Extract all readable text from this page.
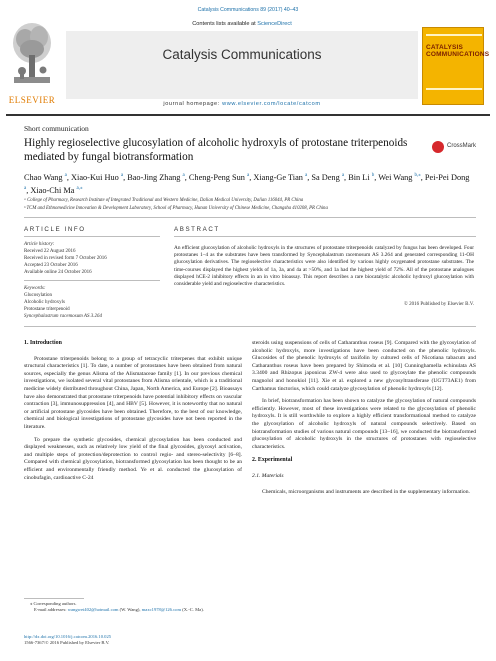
Catalysis Communications 89 (2017) 40–43
ELSEVIER
Contents lists available at ScienceDirect
Catalysis Communications
journal homepage: www.elsevier.com/locate/catcom
CATALYSIS COMMUNICATIONS
Short communication
Highly regioselective glucosylation of alcoholic hydroxyls of protostane triterpenoids mediated by fungal biotransformation
CrossMark
Chao Wang $^a$, Xiao-Kui Huo $^a$, Bao-Jing Zhang $^a$, Cheng-Peng Sun $^a$, Xiang-Ge Tian $^a$, Sa Deng $^a$, Bin Li $^b$, Wei Wang $^{b,⁎}$, Pei-Pei Dong $^a$, Xiao-Chi Ma $^{a,⁎}$
ᵃ College of Pharmacy, Research Institute of Integrated Traditional and Western Medicine, Dalian Medical University, Dalian 116044, PR China
ᵇ TCM and Ethnomedicine Innovation & Development Laboratory, School of Pharmacy, Hunan University of Chinese Medicine, Changsha 410208, PR China
ARTICLE INFO
Article history:
Received 22 August 2016
Received in revised form 7 October 2016
Accepted 23 October 2016
Available online 24 October 2016
Keywords:
Glucosylation
Alcoholic hydroxyls
Protostane triterpenoid
Syncephalastrum racemosum AS 3.264
ABSTRACT
An efficient glucosylation of alcoholic hydroxyls in the structures of protostane triterpenoids catalyzed by fungus has been developed. Four protostanes 1–4 as the substrates have been transformed by Syncephalastrum racemosum AS 3.264 and generated corresponding 11-OH glucosylation derivatives. The regioselective characteristics were also identified by various highly oxygenated protostane substrates. The time-courses displayed the highest yields of 1a, 3a, and 4a at >50%, and 1a had the highest yield of 72%. All of the protostane analogues displayed hCE-2 inhibitory effects in an in vitro bioassay. This report describes a rare biocatalytic alcoholic hydroxyl glucosylation with considerable yield and regioselective characteristics.
© 2016 Published by Elsevier B.V.
1. Introduction

Protostane triterpenoids belong to a group of tetracyclic triterpenes that exhibit unique structural characteristics [1]. To date, a number of protostanes have been obtained from natural sources, especially the genus Alisma of the Alismataceae family [1]. In our previous chemical investigations, we isolated several vital protostanes from Alisma orientale, which is a traditional medicine widely distributed throughout China, Japan, North America, and Europe [2]. Bioassays have also demonstrated that protostane triterpenoids have potential inhibitory effects on vascular contraction [3], immunosuppression [4], and HBV [5]. However, it is noteworthy that no natural or artificial protostane glycosides have been obtained. Therefore, to the best of our knowledge, chemical and biological investigations of protostane glycosides have not been reported in the literature.

To prepare the synthetic glycosides, chemical glycosylation has been conducted and displayed weaknesses, such as relatively low yield of the final glycosides, glycosyl activation, and multiple steps of protection/deprotection to control regio- and stereo-selectivity [6–8]. Compared with chemical glycosylation, biotransformed glycosylation has been thought to be an efficient and environmentally friendly method. Ye et al. conducted the glucosylation of cinobufagin, cardioactive C-24

steroids using suspensions of cells of Catharanthus roseus [9]. Compared with the glycosylation of alcoholic hydroxyls, more investigations have been conducted on the phenolic hydroxyls. Glucosides of the phenolic hydroxyls of taxifolin by cultured cells of Nicotiana tabacum and Catharanthus roseus have been prepared by Shimoda et al. [10] Cunninghamella echinulata AS 3.3400 and Rhizopus japonicus ZW-4 were also used to glycosylate the phenolic compounds magnolol and honokiol [11]. Xie et al. explored a new glycosyltransferase (UGT73AE1) from Carthamus tinctorius, which could catalyze glycosylation of phenolic hydroxyls [12].

In brief, biotransformation has been shown to catalyze the glycosylation of natural compounds efficiently. However, most of these investigations were related to the glycosylation of phenolic hydroxyls. It is still worthwhile to explore a highly efficient transformational method to catalyze the glycosylation of alcoholic hydroxyls of natural compounds selectively. Based on biotransformation studies of various natural compounds [13–16], we conducted the biotransformed glucosylation of alcoholic hydroxyls in the structures of protostanes with regioselective characteristics.

2. Experimental
2.1. Materials

Chemicals, microorganisms and instruments are described in the supplementary information.

⁎ Corresponding authors.
E-mail addresses: wangwei402@hotmail.com (W. Wang), maxc1978@126.com (X.-C. Ma).
http://dx.doi.org/10.1016/j.catcom.2016.10.025
1566-7367/© 2016 Published by Elsevier B.V.
